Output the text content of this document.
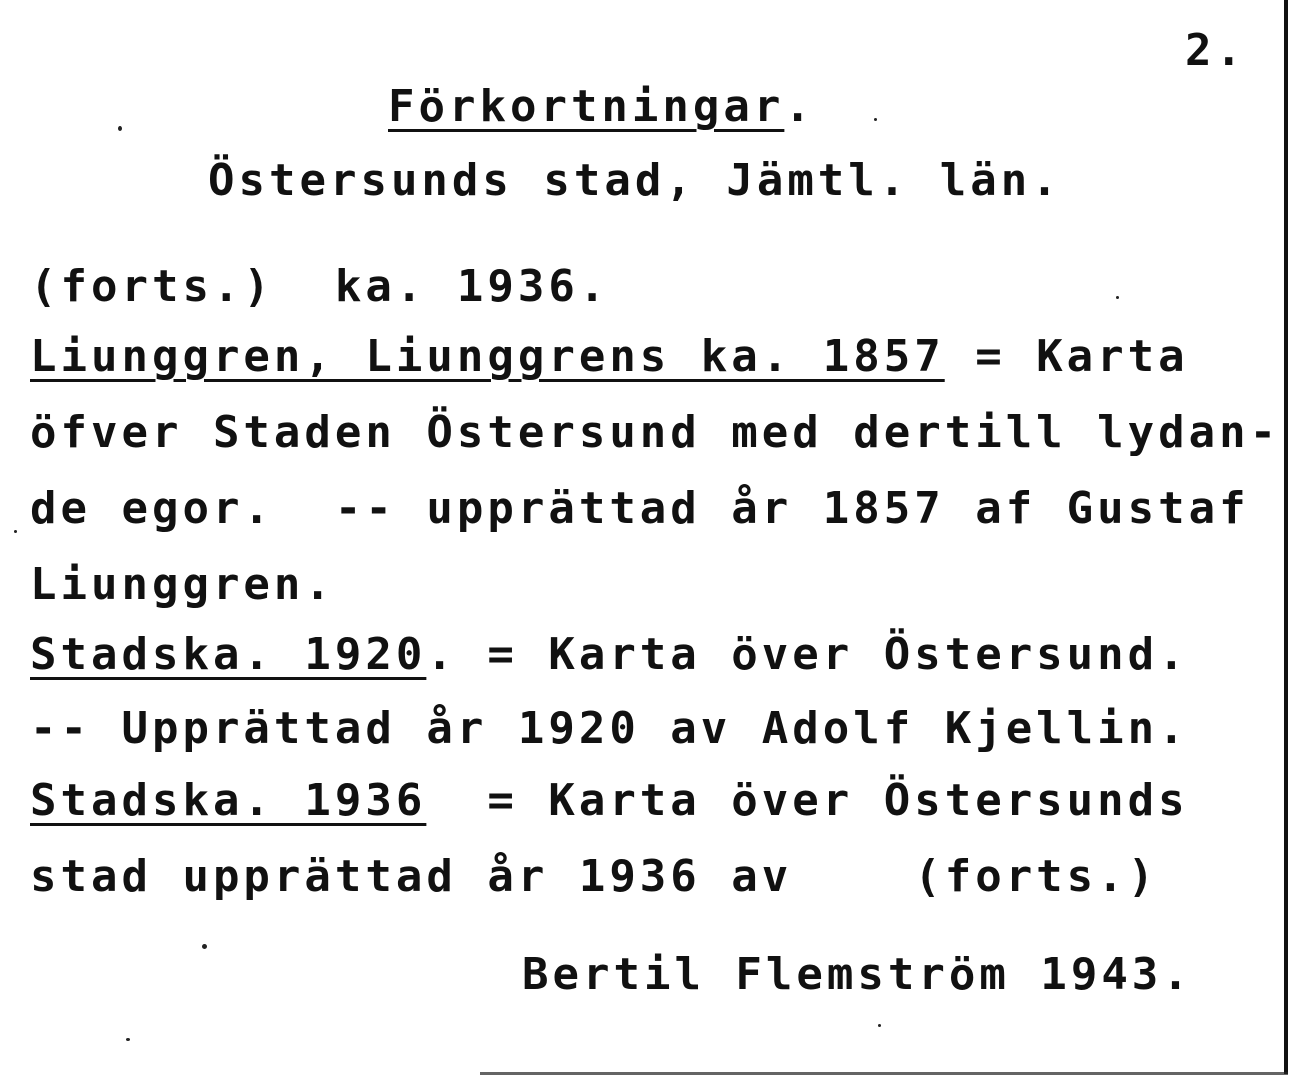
2.
Förkortningar.
Östersunds stad, Jämtl. län.
(forts.)  ka. 1936.
Liunggren, Liunggrens ka. 1857 = Karta
öfver Staden Östersund med dertill lydan-
de egor.  -- upprättad år 1857 af Gustaf
Liunggren.
Stadska. 1920. = Karta över Östersund.
-- Upprättad år 1920 av Adolf Kjellin.
Stadska. 1936  = Karta över Östersunds
stad upprättad år 1936 av    (forts.)
Bertil Flemström 1943.
